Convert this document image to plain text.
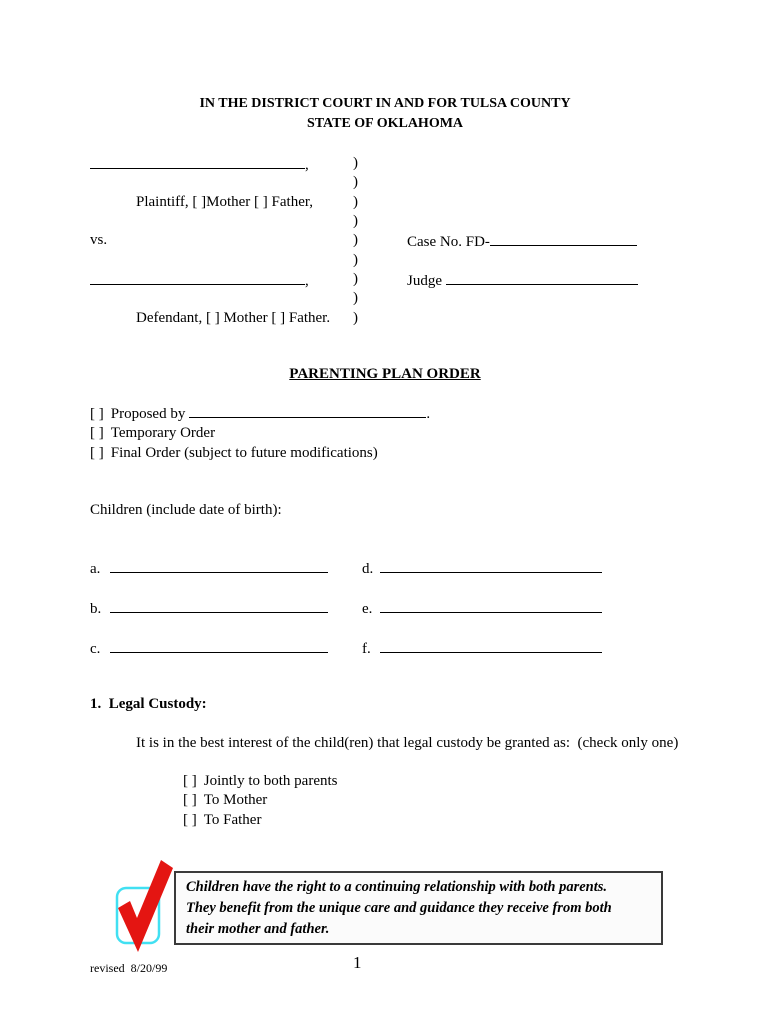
IN THE DISTRICT COURT IN AND FOR TULSA COUNTY
STATE OF OKLAHOMA
,	)
)
Plaintiff, [ ]Mother [ ] Father,	)
)
vs.	)	Case No. FD-
)
,	)	Judge
)
Defendant, [ ] Mother [ ] Father. )
PARENTING PLAN ORDER
[ ] Proposed by	.
[ ] Temporary Order
[ ] Final Order (subject to future modifications)
Children (include date of birth):
a.	d.
b.	e.
c.	f.
1.  Legal Custody:
It is in the best interest of the child(ren) that legal custody be granted as:  (check only one)
[ ] Jointly to both parents
[ ] To Mother
[ ] To Father
Children have the right to a continuing relationship with both parents.
They benefit from the unique care and guidance they receive from both
their mother and father.
revised  8/20/99	1
